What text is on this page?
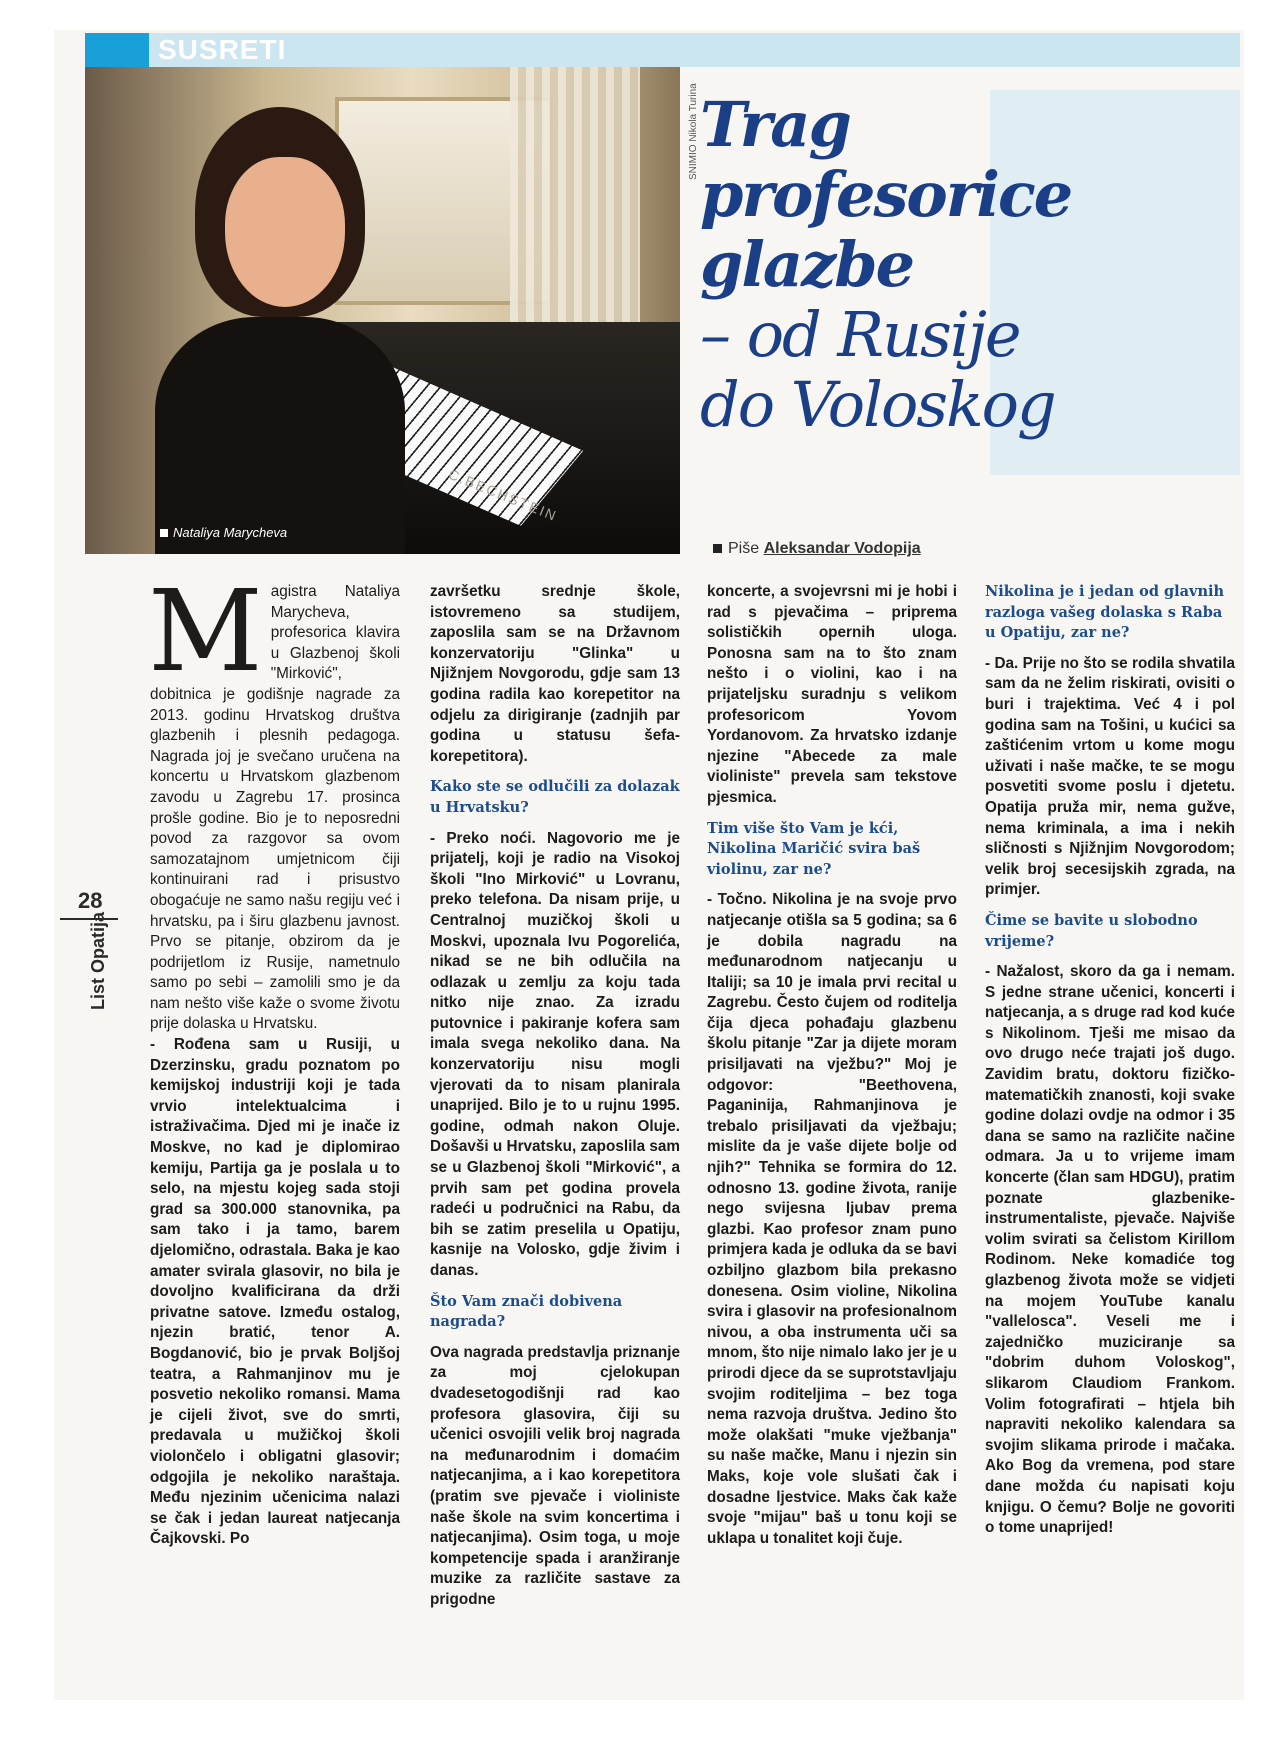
SUSRETI
C.BECHSTEIN
Nataliya Marycheva
SNIMIO Nikola Turina Trag
profesorice
glazbe
– od Rusije
do Voloskog
Piše Aleksandar Vodopija
28
List Opatija
M agistra Nataliya Marycheva, profesorica klavira u Glazbenoj školi "Mirković", dobitnica je godišnje nagrade za 2013. godinu Hrvatskog društva glazbenih i plesnih pedagoga. Nagrada joj je svečano uručena na koncertu u Hrvatskom glazbenom zavodu u Zagrebu 17. prosinca prošle godine. Bio je to neposredni povod za razgovor sa ovom samozatajnom umjetnicom čiji kontinuirani rad i prisustvo obogaćuje ne samo našu regiju već i hrvatsku, pa i širu glazbenu javnost. Prvo se pitanje, obzirom da je podrijetlom iz Rusije, nametnulo samo po sebi – zamolili smo je da nam nešto više kaže o svome životu prije dolaska u Hrvatsku.

- Rođena sam u Rusiji, u Dzerzinsku, gradu poznatom po kemijskoj industriji koji je tada vrvio intelektualcima i istraživačima. Djed mi je inače iz Moskve, no kad je diplomirao kemiju, Partija ga je poslala u to selo, na mjestu kojeg sada stoji grad sa 300.000 stanovnika, pa sam tako i ja tamo, barem djelomično, odrastala. Baka je kao amater svirala glasovir, no bila je dovoljno kvalificirana da drži privatne satove. Između ostalog, njezin bratić, tenor A. Bogdanović, bio je prvak Boljšoj teatra, a Rahmanjinov mu je posvetio nekoliko romansi. Mama je cijeli život, sve do smrti, predavala u mužičkoj školi violončelo i obligatni glasovir; odgojila je nekoliko naraštaja. Među njezinim učenicima nalazi se čak i jedan laureat natjecanja Čajkovski. Po

završetku srednje škole, istovremeno sa studijem, zaposlila sam se na Državnom konzervatoriju "Glinka" u Njižnjem Novgorodu, gdje sam 13 godina radila kao korepetitor na odjelu za dirigiranje (zadnjih par godina u statusu šefa-korepetitora).

Kako ste se odlučili za dolazak u Hrvatsku?

- Preko noći. Nagovorio me je prijatelj, koji je radio na Visokoj školi "Ino Mirković" u Lovranu, preko telefona. Da nisam prije, u Centralnoj muzičkoj školi u Moskvi, upoznala Ivu Pogorelića, nikad se ne bih odlučila na odlazak u zemlju za koju tada nitko nije znao. Za izradu putovnice i pakiranje kofera sam imala svega nekoliko dana. Na konzervatoriju nisu mogli vjerovati da to nisam planirala unaprijed. Bilo je to u rujnu 1995. godine, odmah nakon Oluje. Došavši u Hrvatsku, zaposlila sam se u Glazbenoj školi "Mirković", a prvih sam pet godina provela radeći u područnici na Rabu, da bih se zatim preselila u Opatiju, kasnije na Volosko, gdje živim i danas.

Što Vam znači dobivena nagrada?

Ova nagrada predstavlja priznanje za moj cjelokupan dvadesetogodišnji rad kao profesora glasovira, čiji su učenici osvojili velik broj nagrada na međunarodnim i domaćim natjecanjima, a i kao korepetitora (pratim sve pjevače i violiniste naše škole na svim koncertima i natjecanjima). Osim toga, u moje kompetencije spada i aranžiranje muzike za različite sastave za prigodne

koncerte, a svojevrsni mi je hobi i rad s pjevačima – priprema solističkih opernih uloga. Ponosna sam na to što znam nešto i o violini, kao i na prijateljsku suradnju s velikom profesoricom Yovom Yordanovom. Za hrvatsko izdanje njezine "Abecede za male violiniste" prevela sam tekstove pjesmica.

Tim više što Vam je kći, Nikolina Maričić svira baš violinu, zar ne?

- Točno. Nikolina je na svoje prvo natjecanje otišla sa 5 godina; sa 6 je dobila nagradu na međunarodnom natjecanju u Italiji; sa 10 je imala prvi recital u Zagrebu. Često čujem od roditelja čija djeca pohađaju glazbenu školu pitanje "Zar ja dijete moram prisiljavati na vježbu?" Moj je odgovor: "Beethovena, Paganinija, Rahmanjinova je trebalo prisiljavati da vježbaju; mislite da je vaše dijete bolje od njih?" Tehnika se formira do 12. odnosno 13. godine života, ranije nego svijesna ljubav prema glazbi. Kao profesor znam puno primjera kada je odluka da se bavi ozbiljno glazbom bila prekasno donesena. Osim violine, Nikolina svira i glasovir na profesionalnom nivou, a oba instrumenta uči sa mnom, što nije nimalo lako jer je u prirodi djece da se suprotstavljaju svojim roditeljima – bez toga nema razvoja društva. Jedino što može olakšati "muke vježbanja" su naše mačke, Manu i njezin sin Maks, koje vole slušati čak i dosadne ljestvice. Maks čak kaže svoje "mijau" baš u tonu koji se uklapa u tonalitet koji čuje.

Nikolina je i jedan od glavnih razloga vašeg dolaska s Raba u Opatiju, zar ne?

- Da. Prije no što se rodila shvatila sam da ne želim riskirati, ovisiti o buri i trajektima. Već 4 i pol godina sam na Tošini, u kućici sa zaštićenim vrtom u kome mogu uživati i naše mačke, te se mogu posvetiti svome poslu i djetetu. Opatija pruža mir, nema gužve, nema kriminala, a ima i nekih sličnosti s Njižnjim Novgorodom; velik broj secesijskih zgrada, na primjer.

Čime se bavite u slobodno vrijeme?

- Nažalost, skoro da ga i nemam. S jedne strane učenici, koncerti i natjecanja, a s druge rad kod kuće s Nikolinom. Tješi me misao da ovo drugo neće trajati još dugo. Zavidim bratu, doktoru fizičko-matematičkih znanosti, koji svake godine dolazi ovdje na odmor i 35 dana se samo na različite načine odmara. Ja u to vrijeme imam koncerte (član sam HDGU), pratim poznate glazbenike-instrumentaliste, pjevače. Najviše volim svirati sa čelistom Kirillom Rodinom. Neke komadiće tog glazbenog života može se vidjeti na mojem YouTube kanalu "vallelosca". Veseli me i zajedničko muziciranje sa "dobrim duhom Voloskog", slikarom Claudiom Frankom. Volim fotografirati – htjela bih napraviti nekoliko kalendara sa svojim slikama prirode i mačaka. Ako Bog da vremena, pod stare dane možda ću napisati koju knjigu. O čemu? Bolje ne govoriti o tome unaprijed!
